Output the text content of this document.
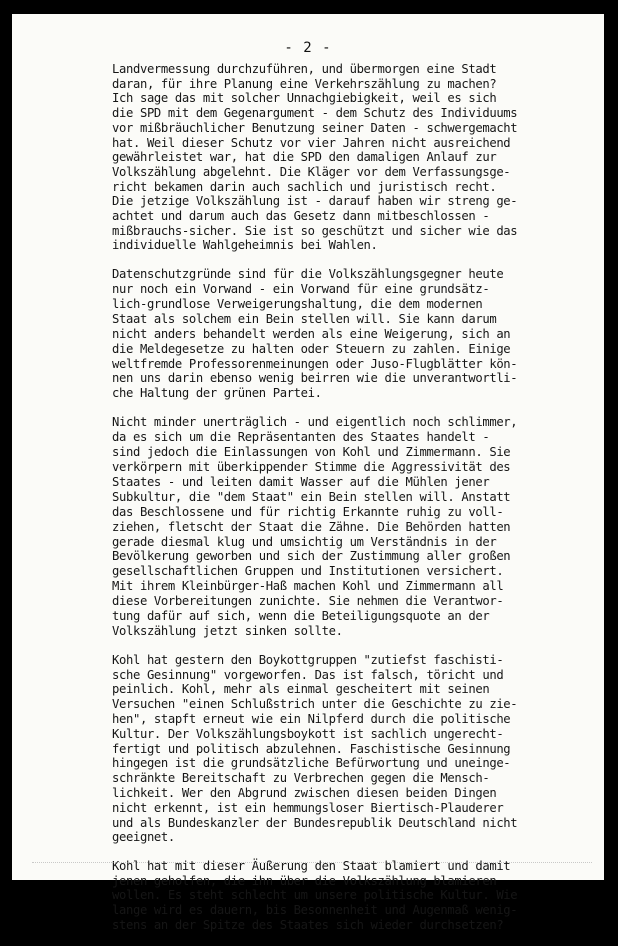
- 2 -
Landvermessung durchzuführen, und übermorgen eine Stadt
daran, für ihre Planung eine Verkehrszählung zu machen?
Ich sage das mit solcher Unnachgiebigkeit, weil es sich
die SPD mit dem Gegenargument - dem Schutz des Individuums
vor mißbräuchlicher Benutzung seiner Daten - schwergemacht
hat. Weil dieser Schutz vor vier Jahren nicht ausreichend
gewährleistet war, hat die SPD den damaligen Anlauf zur
Volkszählung abgelehnt. Die Kläger vor dem Verfassungsge-
richt bekamen darin auch sachlich und juristisch recht.
Die jetzige Volkszählung ist - darauf haben wir streng ge-
achtet und darum auch das Gesetz dann mitbeschlossen -
mißbrauchs-sicher. Sie ist so geschützt und sicher wie das
individuelle Wahlgeheimnis bei Wahlen.
Datenschutzgründe sind für die Volkszählungsgegner heute
nur noch ein Vorwand - ein Vorwand für eine grundsätz-
lich-grundlose Verweigerungshaltung, die dem modernen
Staat als solchem ein Bein stellen will. Sie kann darum
nicht anders behandelt werden als eine Weigerung, sich an
die Meldegesetze zu halten oder Steuern zu zahlen. Einige
weltfremde Professorenmeinungen oder Juso-Flugblätter kön-
nen uns darin ebenso wenig beirren wie die unverantwortli-
che Haltung der grünen Partei.
Nicht minder unerträglich - und eigentlich noch schlimmer,
da es sich um die Repräsentanten des Staates handelt -
sind jedoch die Einlassungen von Kohl und Zimmermann. Sie
verkörpern mit überkippender Stimme die Aggressivität des
Staates - und leiten damit Wasser auf die Mühlen jener
Subkultur, die "dem Staat" ein Bein stellen will. Anstatt
das Beschlossene und für richtig Erkannte ruhig zu voll-
ziehen, fletscht der Staat die Zähne. Die Behörden hatten
gerade diesmal klug und umsichtig um Verständnis in der
Bevölkerung geworben und sich der Zustimmung aller großen
gesellschaftlichen Gruppen und Institutionen versichert.
Mit ihrem Kleinbürger-Haß machen Kohl und Zimmermann all
diese Vorbereitungen zunichte. Sie nehmen die Verantwor-
tung dafür auf sich, wenn die Beteiligungsquote an der
Volkszählung jetzt sinken sollte.
Kohl hat gestern den Boykottgruppen "zutiefst faschisti-
sche Gesinnung" vorgeworfen. Das ist falsch, töricht und
peinlich. Kohl, mehr als einmal gescheitert mit seinen
Versuchen "einen Schlußstrich unter die Geschichte zu zie-
hen", stapft erneut wie ein Nilpferd durch die politische
Kultur. Der Volkszählungsboykott ist sachlich ungerecht-
fertigt und politisch abzulehnen. Faschistische Gesinnung
hingegen ist die grundsätzliche Befürwortung und uneinge-
schränkte Bereitschaft zu Verbrechen gegen die Mensch-
lichkeit. Wer den Abgrund zwischen diesen beiden Dingen
nicht erkennt, ist ein hemmungsloser Biertisch-Plauderer
und als Bundeskanzler der Bundesrepublik Deutschland nicht
geeignet.
Kohl hat mit dieser Äußerung den Staat blamiert und damit
jenen geholfen, die ihn über die Volkszählung blamieren
wollen. Es steht schlecht um unsere politische Kultur. Wie
lange wird es dauern, bis Besonnenheit und Augenmaß wenig-
stens an der Spitze des Staates sich wieder durchsetzen?
